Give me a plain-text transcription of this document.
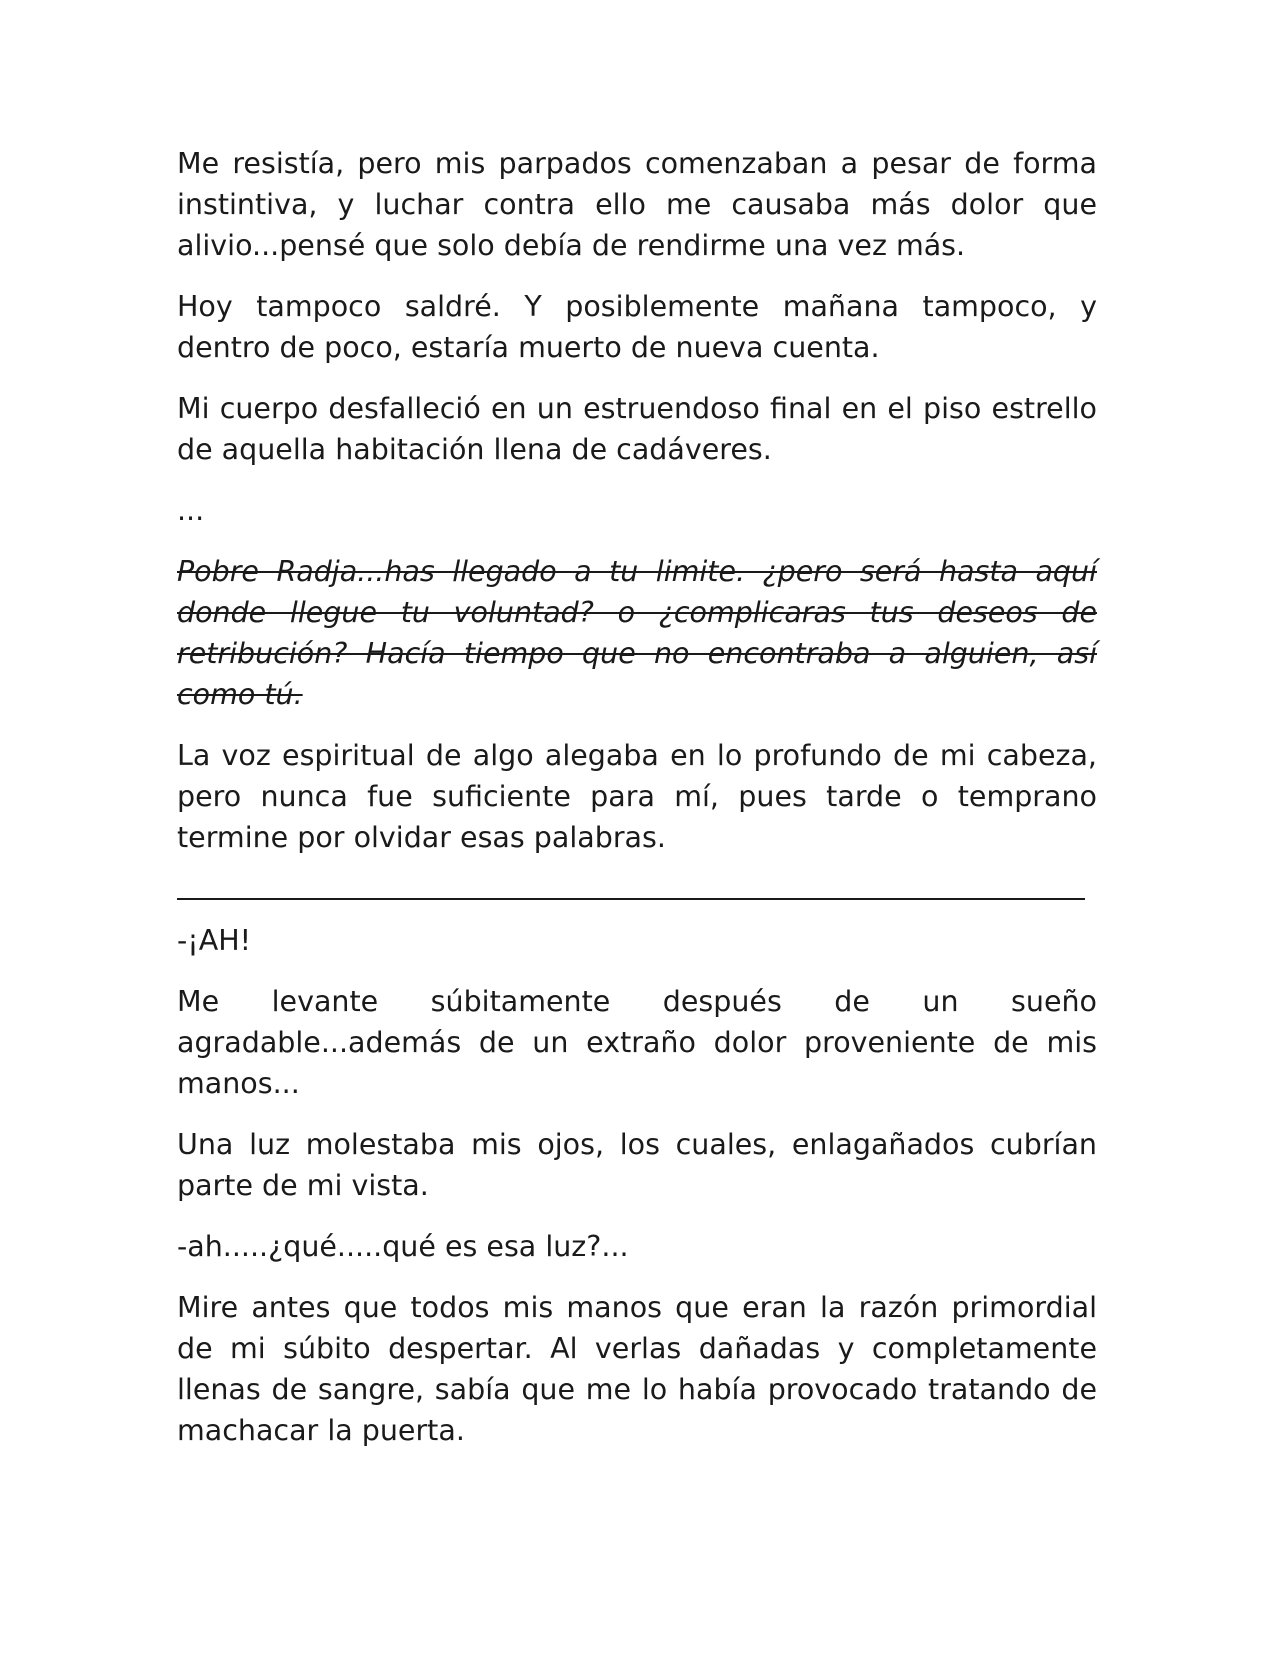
Me resistía, pero mis parpados comenzaban a pesar de forma instintiva, y luchar contra ello me causaba más dolor que alivio...pensé que solo debía de rendirme una vez más.

Hoy tampoco saldré. Y posiblemente mañana tampoco, y dentro de poco, estaría muerto de nueva cuenta.

Mi cuerpo desfalleció en un estruendoso final en el piso estrello de aquella habitación llena de cadáveres.

...

Pobre Radja...has llegado a tu limite. ¿pero será hasta aquí donde llegue tu voluntad? o ¿complicaras tus deseos de retribución? Hacía tiempo que no encontraba a alguien, así como tú.

La voz espiritual de algo alegaba en lo profundo de mi cabeza, pero nunca fue suficiente para mí, pues tarde o temprano termine por olvidar esas palabras.

-¡AH!

Me levante súbitamente después de un sueño agradable...además de un extraño dolor proveniente de mis manos...

Una luz molestaba mis ojos, los cuales, enlagañados cubrían parte de mi vista.

-ah.....¿qué.....qué es esa luz?...

Mire antes que todos mis manos que eran la razón primordial de mi súbito despertar. Al verlas dañadas y completamente llenas de sangre, sabía que me lo había provocado tratando de machacar la puerta.
